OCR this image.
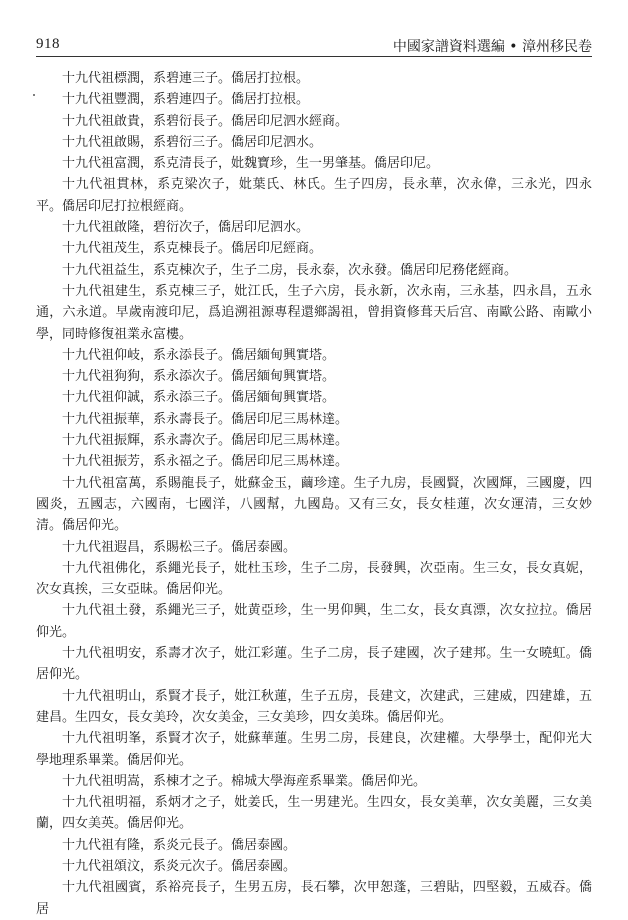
918	中國家譜資料選編 • 漳州移民卷

十九代祖標潤，系碧連三子。僑居打拉根。

十九代祖豐潤，系碧連四子。僑居打拉根。

十九代祖啟貴，系碧衍長子。僑居印尼泗水經商。

十九代祖啟賜，系碧衍三子。僑居印尼泗水。

十九代祖富潤，系克清長子，妣魏寶珍，生一男肇基。僑居印尼。

十九代祖貫林，系克梁次子，妣葉氏、林氏。生子四房，長永華，次永偉，三永光，四永平。僑居印尼打拉根經商。

十九代祖啟隆，碧衍次子，僑居印尼泗水。

十九代祖茂生，系克棟長子。僑居印尼經商。

十九代祖益生，系克棟次子，生子二房，長永泰，次永發。僑居印尼務佬經商。

十九代祖建生，系克棟三子，妣江氏，生子六房，長永新，次永南，三永基，四永昌，五永通，六永道。早歲南渡印尼，爲追溯祖源專程還鄉謁祖，曾捐資修葺天后宫、南歐公路、南歐小學，同時修復祖業永富樓。

十九代祖仰岐，系永添長子。僑居緬甸興實塔。

十九代祖狗狗，系永添次子。僑居緬甸興實塔。

十九代祖仰誠，系永添三子。僑居緬甸興實塔。

十九代祖振華，系永壽長子。僑居印尼三馬林達。

十九代祖振輝，系永壽次子。僑居印尼三馬林達。

十九代祖振芳，系永福之子。僑居印尼三馬林達。

十九代祖富萬，系賜龍長子，妣蘇金玉，繭珍達。生子九房，長國賢，次國輝，三國慶，四國炎，五國志，六國南，七國洋，八國幫，九國島。又有三女，長女桂蓮，次女運清，三女妙清。僑居仰光。

十九代祖遐昌，系賜松三子。僑居泰國。

十九代祖佛化，系繩光長子，妣杜玉珍，生子二房，長發興，次亞南。生三女，長女真妮，次女真挨，三女亞昧。僑居仰光。

十九代祖土發，系繩光三子，妣黄亞珍，生一男仰興，生二女，長女真漂，次女拉拉。僑居仰光。

十九代祖明安，系壽才次子，妣江彩蓮。生子二房，長子建國，次子建邦。生一女曉虹。僑居仰光。

十九代祖明山，系賢才長子，妣江秋蓮，生子五房，長建文，次建武，三建威，四建雄，五建昌。生四女，長女美玲，次女美金，三女美珍，四女美珠。僑居仰光。

十九代祖明峯，系賢才次子，妣蘇華蓮。生男二房，長建良，次建權。大學學士，配仰光大學地理系畢業。僑居仰光。

十九代祖明嵩，系棟才之子。棉城大學海産系畢業。僑居仰光。

十九代祖明福，系炳才之子，妣姜氏，生一男建光。生四女，長女美華，次女美麗，三女美蘭，四女美英。僑居仰光。

十九代祖有隆，系炎元長子。僑居泰國。

十九代祖頌汶，系炎元次子。僑居泰國。

十九代祖國賓，系裕亮長子，生男五房，長石攀，次甲恕蓬，三碧貼，四堅毅，五威吞。僑居
